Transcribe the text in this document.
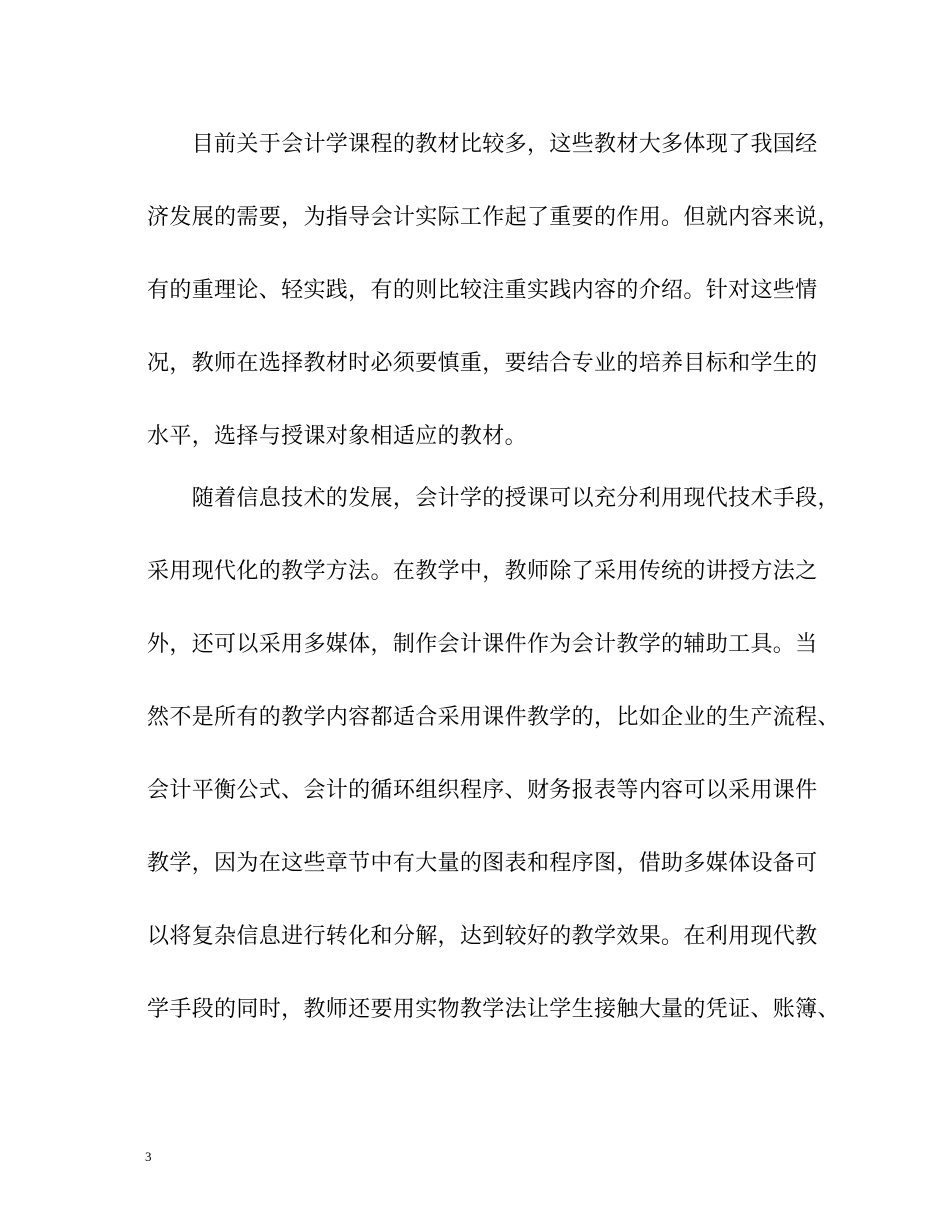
　　目前关于会计学课程的教材比较多，这些教材大多体现了我国经
济发展的需要，为指导会计实际工作起了重要的作用。但就内容来说，
有的重理论、轻实践，有的则比较注重实践内容的介绍。针对这些情
况，教师在选择教材时必须要慎重，要结合专业的培养目标和学生的
水平，选择与授课对象相适应的教材。
　　随着信息技术的发展，会计学的授课可以充分利用现代技术手段，
采用现代化的教学方法。在教学中，教师除了采用传统的讲授方法之
外，还可以采用多媒体，制作会计课件作为会计教学的辅助工具。当
然不是所有的教学内容都适合采用课件教学的，比如企业的生产流程、
会计平衡公式、会计的循环组织程序、财务报表等内容可以采用课件
教学，因为在这些章节中有大量的图表和程序图，借助多媒体设备可
以将复杂信息进行转化和分解，达到较好的教学效果。在利用现代教
学手段的同时，教师还要用实物教学法让学生接触大量的凭证、账簿、
3
